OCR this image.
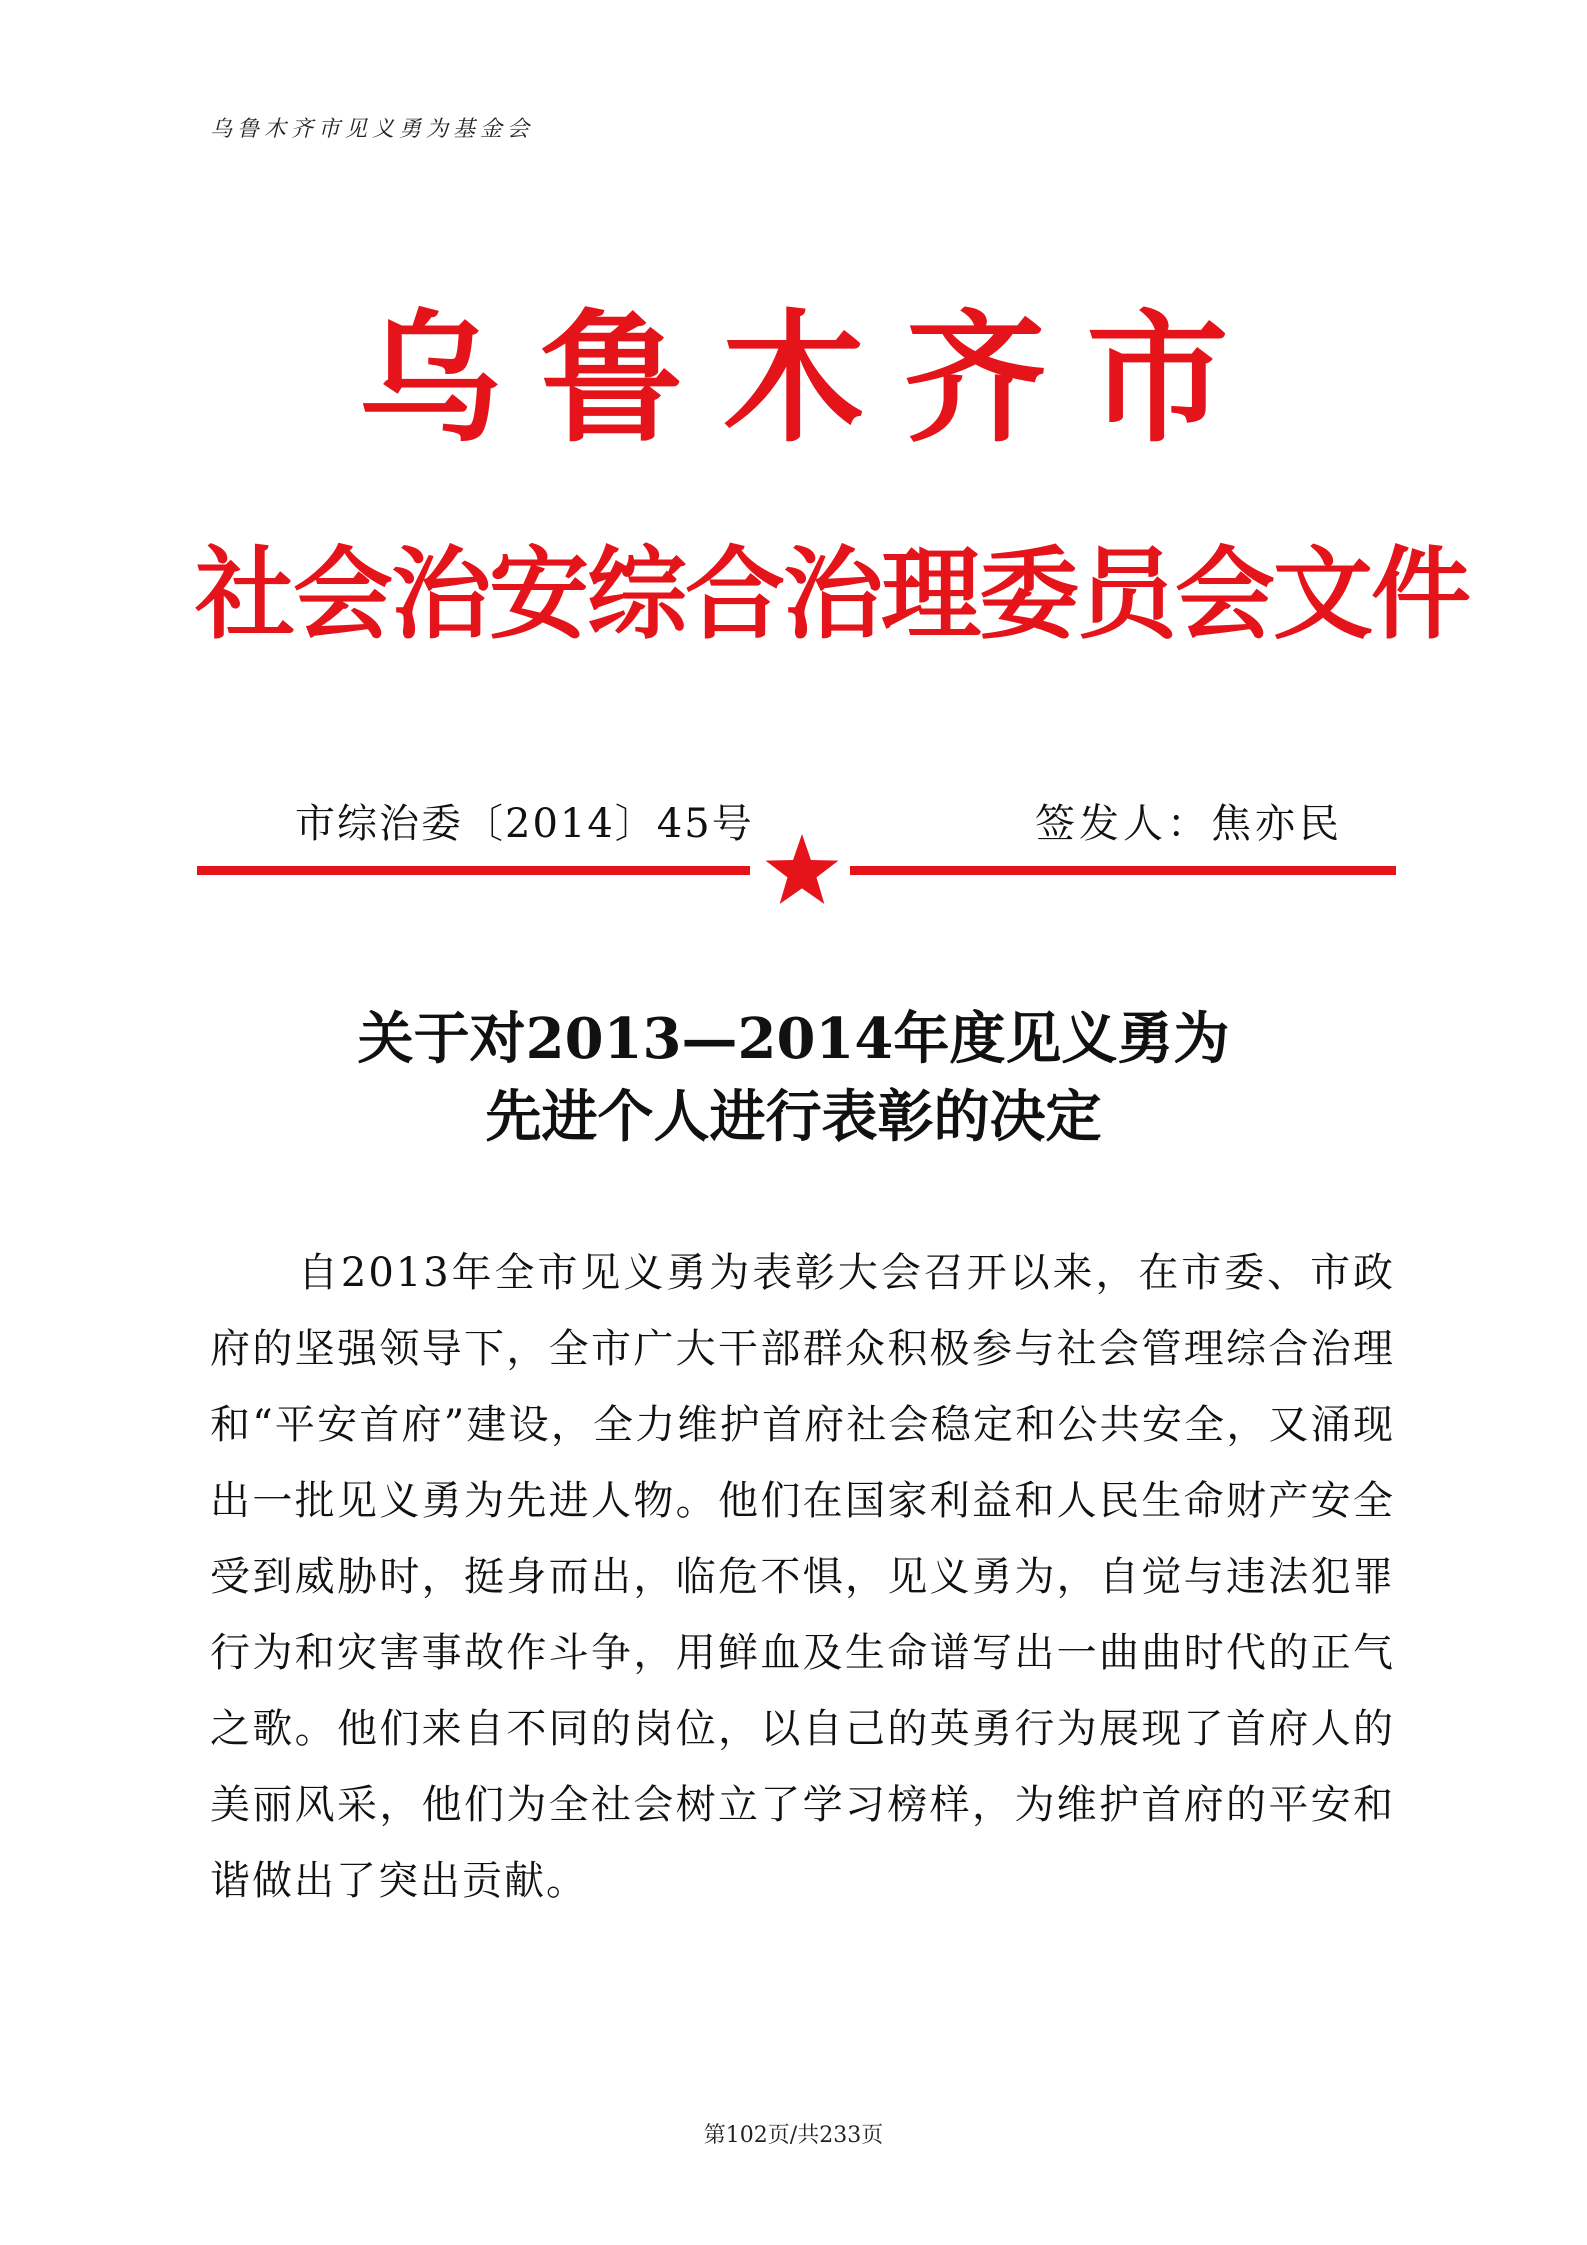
乌鲁木齐市见义勇为基金会
乌鲁木齐市
社会治安综合治理委员会文件
市综治委〔2014〕45号	签发人：焦亦民
关于对2013—2014年度见义勇为
先进个人进行表彰的决定

自2013年全市见义勇为表彰大会召开以来，在市委、市政府的坚强领导下，全市广大干部群众积极参与社会管理综合治理和“平安首府”建设，全力维护首府社会稳定和公共安全，又涌现出一批见义勇为先进人物。他们在国家利益和人民生命财产安全受到威胁时，挺身而出，临危不惧，见义勇为，自觉与违法犯罪行为和灾害事故作斗争，用鲜血及生命谱写出一曲曲时代的正气之歌。他们来自不同的岗位，以自己的英勇行为展现了首府人的美丽风采，他们为全社会树立了学习榜样，为维护首府的平安和谐做出了突出贡献。

第102页/共233页
